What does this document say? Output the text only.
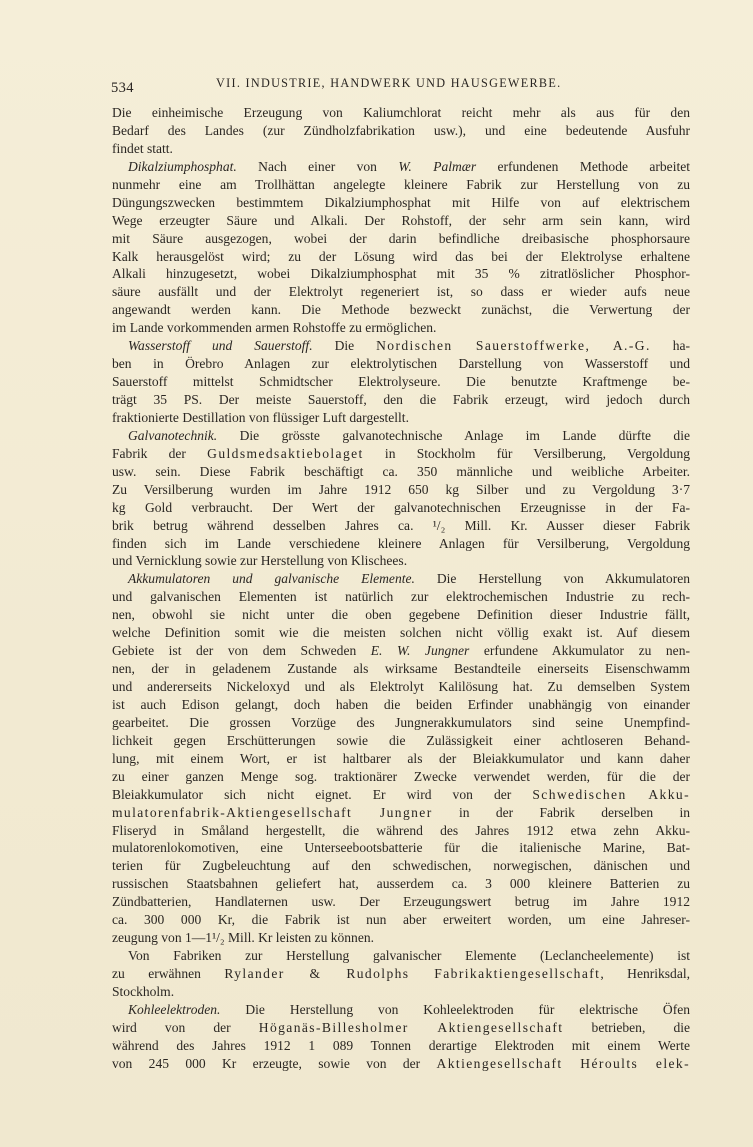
534	VII. INDUSTRIE, HANDWERK UND HAUSGEWERBE.
Die einheimische Erzeugung von Kaliumchlorat reicht mehr als aus für den
Bedarf des Landes (zur Zündholzfabrikation usw.), und eine bedeutende Ausfuhr
findet statt.
Dikalziumphosphat. Nach einer von W. Palmær erfundenen Methode arbeitet
nunmehr eine am Trollhättan angelegte kleinere Fabrik zur Herstellung von zu
Düngungszwecken bestimmtem Dikalziumphosphat mit Hilfe von auf elektrischem
Wege erzeugter Säure und Alkali. Der Rohstoff, der sehr arm sein kann, wird
mit Säure ausgezogen, wobei der darin befindliche dreibasische phosphorsaure
Kalk herausgelöst wird; zu der Lösung wird das bei der Elektrolyse erhaltene
Alkali hinzugesetzt, wobei Dikalziumphosphat mit 35 % zitratlöslicher Phosphor-
säure ausfällt und der Elektrolyt regeneriert ist, so dass er wieder aufs neue
angewandt werden kann. Die Methode bezweckt zunächst, die Verwertung der
im Lande vorkommenden armen Rohstoffe zu ermöglichen.
Wasserstoff und Sauerstoff. Die Nordischen Sauerstoffwerke, A.-G. ha-
ben in Örebro Anlagen zur elektrolytischen Darstellung von Wasserstoff und
Sauerstoff mittelst Schmidtscher Elektrolyseure. Die benutzte Kraftmenge be-
trägt 35 PS. Der meiste Sauerstoff, den die Fabrik erzeugt, wird jedoch durch
fraktionierte Destillation von flüssiger Luft dargestellt.
Galvanotechnik. Die grösste galvanotechnische Anlage im Lande dürfte die
Fabrik der Guldsmedsaktiebolaget in Stockholm für Versilberung, Vergoldung
usw. sein. Diese Fabrik beschäftigt ca. 350 männliche und weibliche Arbeiter.
Zu Versilberung wurden im Jahre 1912 650 kg Silber und zu Vergoldung 3·7
kg Gold verbraucht. Der Wert der galvanotechnischen Erzeugnisse in der Fa-
brik betrug während desselben Jahres ca. ¹/₂ Mill. Kr. Ausser dieser Fabrik
finden sich im Lande verschiedene kleinere Anlagen für Versilberung, Vergoldung
und Vernicklung sowie zur Herstellung von Klischees.
Akkumulatoren und galvanische Elemente. Die Herstellung von Akkumulatoren
und galvanischen Elementen ist natürlich zur elektrochemischen Industrie zu rech-
nen, obwohl sie nicht unter die oben gegebene Definition dieser Industrie fällt,
welche Definition somit wie die meisten solchen nicht völlig exakt ist. Auf diesem
Gebiete ist der von dem Schweden E. W. Jungner erfundene Akkumulator zu nen-
nen, der in geladenem Zustande als wirksame Bestandteile einerseits Eisenschwamm
und andererseits Nickeloxyd und als Elektrolyt Kalilösung hat. Zu demselben System
ist auch Edison gelangt, doch haben die beiden Erfinder unabhängig von einander
gearbeitet. Die grossen Vorzüge des Jungnerakkumulators sind seine Unempfind-
lichkeit gegen Erschütterungen sowie die Zulässigkeit einer achtloseren Behand-
lung, mit einem Wort, er ist haltbarer als der Bleiakkumulator und kann daher
zu einer ganzen Menge sog. traktionärer Zwecke verwendet werden, für die der
Bleiakkumulator sich nicht eignet. Er wird von der Schwedischen Akku-
mulatorenfabrik-Aktiengesellschaft Jungner in der Fabrik derselben in
Fliseryd in Småland hergestellt, die während des Jahres 1912 etwa zehn Akku-
mulatorenlokomotiven, eine Unterseebootsbatterie für die italienische Marine, Bat-
terien für Zugbeleuchtung auf den schwedischen, norwegischen, dänischen und
russischen Staatsbahnen geliefert hat, ausserdem ca. 3 000 kleinere Batterien zu
Zündbatterien, Handlaternen usw. Der Erzeugungswert betrug im Jahre 1912
ca. 300 000 Kr, die Fabrik ist nun aber erweitert worden, um eine Jahreser-
zeugung von 1—1¹/₂ Mill. Kr leisten zu können.
Von Fabriken zur Herstellung galvanischer Elemente (Leclancheelemente) ist
zu erwähnen Rylander & Rudolphs Fabrikaktiengesellschaft, Henriksdal,
Stockholm.
Kohleelektroden. Die Herstellung von Kohleelektroden für elektrische Öfen
wird von der Höganäs-Billesholmer Aktiengesellschaft betrieben, die
während des Jahres 1912 1 089 Tonnen derartige Elektroden mit einem Werte
von 245 000 Kr erzeugte, sowie von der Aktiengesellschaft Héroults elek-
